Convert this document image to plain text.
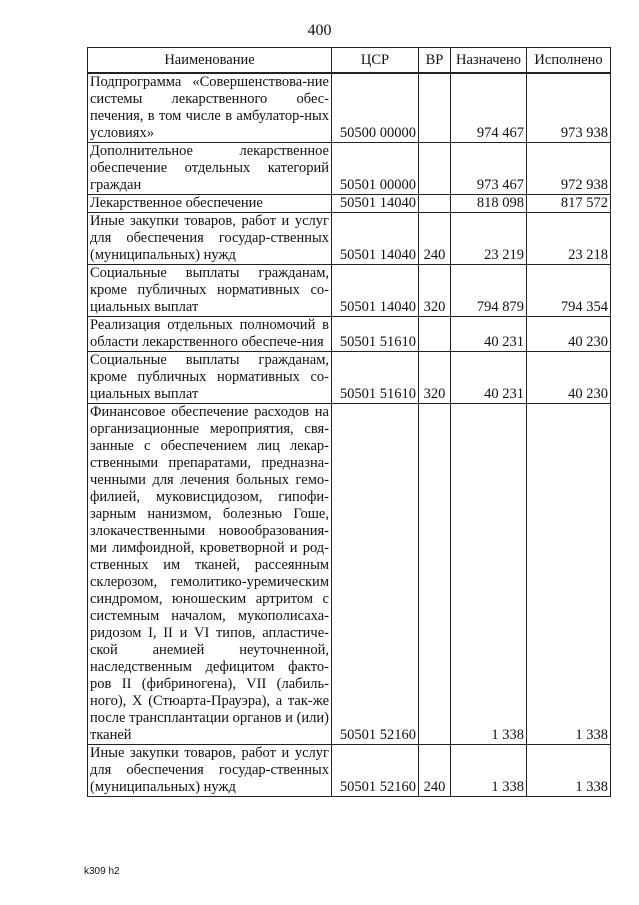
400
Наименование	ЦСР	ВР	Назначено	Исполнено
Подпрограмма «Совершенствова-ние системы лекарственного обес-печения, в том числе в амбулатор-ных условиях»	50500 00000		974 467	973 938
Дополнительное лекарственное обеспечение отдельных категорий граждан	50501 00000		973 467	972 938
Лекарственное обеспечение	50501 14040		818 098	817 572
Иные закупки товаров, работ и услуг для обеспечения государ-ственных (муниципальных) нужд	50501 14040	240	23 219	23 218
Социальные выплаты гражданам, кроме публичных нормативных со-циальных выплат	50501 14040	320	794 879	794 354
Реализация отдельных полномочий в области лекарственного обеспече-ния	50501 51610		40 231	40 230
Социальные выплаты гражданам, кроме публичных нормативных со-циальных выплат	50501 51610	320	40 231	40 230
Финансовое обеспечение расходов на организационные мероприятия, свя-занные с обеспечением лиц лекар-ственными препаратами, предназна-ченными для лечения больных гемо-филией, муковисцидозом, гипофи-зарным нанизмом, болезнью Гоше, злокачественными новообразования-ми лимфоидной, кроветворной и род-ственных им тканей, рассеянным склерозом, гемолитико-уремическим синдромом, юношеским артритом с системным началом, мукополисаха-ридозом I, II и VI типов, апластиче-ской анемией неуточненной, наследственным дефицитом факто-ров II (фибриногена), VII (лабиль-ного), X (Стюарта-Прауэра), а так-же после трансплантации органов и (или) тканей	50501 52160		1 338	1 338
Иные закупки товаров, работ и услуг для обеспечения государ-ственных (муниципальных) нужд	50501 52160	240	1 338	1 338
k309 h2
